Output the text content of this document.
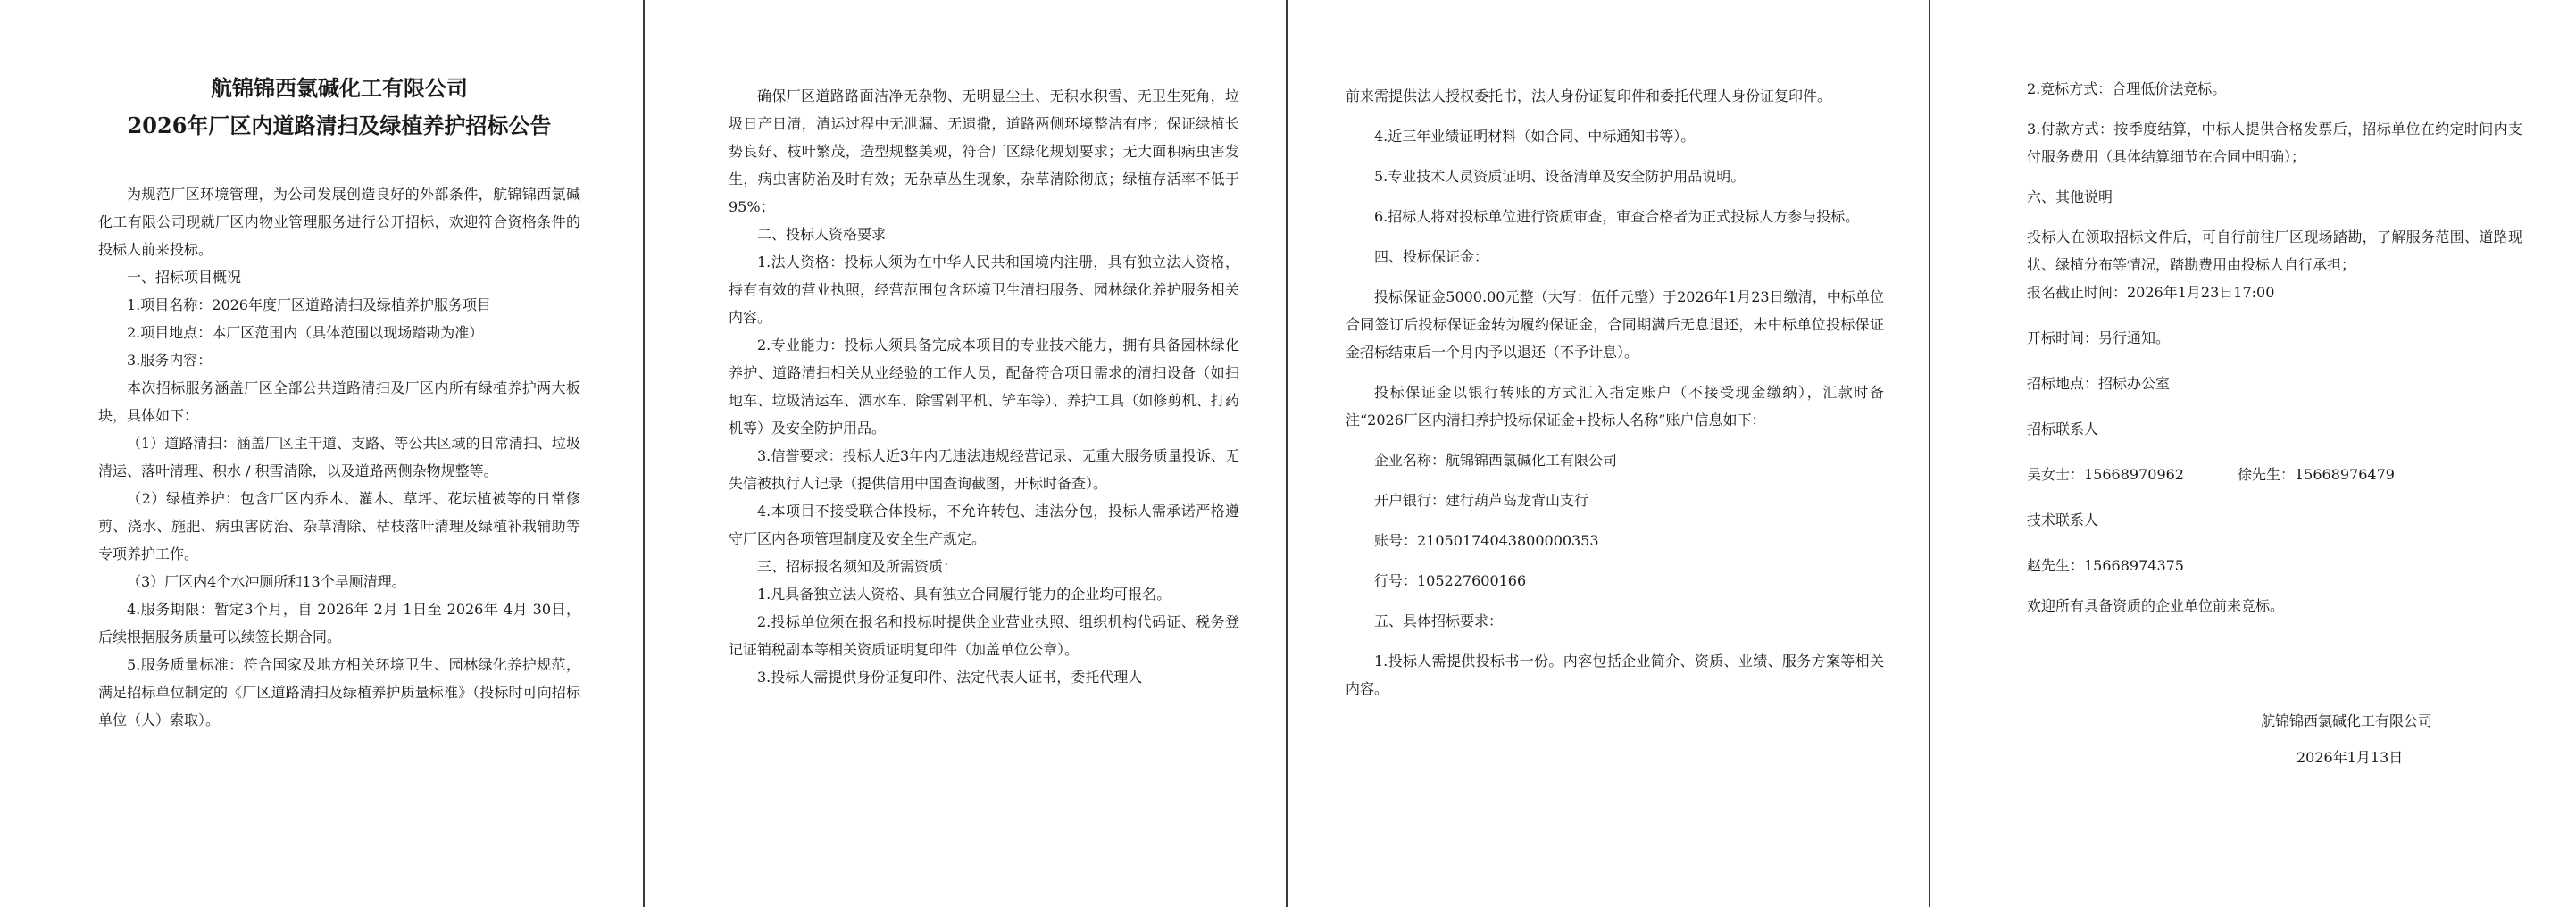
航锦锦西氯碱化工有限公司

2026年厂区内道路清扫及绿植养护招标公告

为规范厂区环境管理，为公司发展创造良好的外部条件，航锦锦西氯碱化工有限公司现就厂区内物业管理服务进行公开招标，欢迎符合资格条件的投标人前来投标。

一、招标项目概况

1.项目名称：2026年度厂区道路清扫及绿植养护服务项目

2.项目地点：本厂区范围内（具体范围以现场踏勘为准）

3.服务内容：

本次招标服务涵盖厂区全部公共道路清扫及厂区内所有绿植养护两大板块，具体如下：

（1）道路清扫：涵盖厂区主干道、支路、等公共区域的日常清扫、垃圾清运、落叶清理、积水 / 积雪清除，以及道路两侧杂物规整等。

（2）绿植养护：包含厂区内乔木、灌木、草坪、花坛植被等的日常修剪、浇水、施肥、病虫害防治、杂草清除、枯枝落叶清理及绿植补栽辅助等专项养护工作。

（3）厂区内4个水冲厕所和13个旱厕清理。

4.服务期限：暂定3个月，自 2026年 2月 1日至 2026年 4月 30日，后续根据服务质量可以续签长期合同。

5.服务质量标准：符合国家及地方相关环境卫生、园林绿化养护规范，满足招标单位制定的《厂区道路清扫及绿植养护质量标准》（投标时可向招标单位（人）索取）。

确保厂区道路路面洁净无杂物、无明显尘土、无积水积雪、无卫生死角，垃圾日产日清，清运过程中无泄漏、无遗撒，道路两侧环境整洁有序；保证绿植长势良好、枝叶繁茂，造型规整美观，符合厂区绿化规划要求；无大面积病虫害发生，病虫害防治及时有效；无杂草丛生现象，杂草清除彻底；绿植存活率不低于95%；

二、投标人资格要求

1.法人资格：投标人须为在中华人民共和国境内注册，具有独立法人资格，持有有效的营业执照，经营范围包含环境卫生清扫服务、园林绿化养护服务相关内容。

2.专业能力：投标人须具备完成本项目的专业技术能力，拥有具备园林绿化养护、道路清扫相关从业经验的工作人员，配备符合项目需求的清扫设备（如扫地车、垃圾清运车、洒水车、除雪剁平机、铲车等）、养护工具（如修剪机、打药机等）及安全防护用品。

3.信誉要求：投标人近3年内无违法违规经营记录、无重大服务质量投诉、无失信被执行人记录（提供信用中国查询截图，开标时备查）。

4.本项目不接受联合体投标，不允许转包、违法分包，投标人需承诺严格遵守厂区内各项管理制度及安全生产规定。

三、招标报名须知及所需资质：

1.凡具备独立法人资格、具有独立合同履行能力的企业均可报名。

2.投标单位须在报名和投标时提供企业营业执照、组织机构代码证、税务登记证销税副本等相关资质证明复印件（加盖单位公章）。

3.投标人需提供身份证复印件、法定代表人证书，委托代理人

前来需提供法人授权委托书，法人身份证复印件和委托代理人身份证复印件。

4.近三年业绩证明材料（如合同、中标通知书等）。

5.专业技术人员资质证明、设备清单及安全防护用品说明。

6.招标人将对投标单位进行资质审查，审查合格者为正式投标人方参与投标。

四、投标保证金：

投标保证金5000.00元整（大写：伍仟元整）于2026年1月23日缴清，中标单位合同签订后投标保证金转为履约保证金，合同期满后无息退还，未中标单位投标保证金招标结束后一个月内予以退还（不予计息）。

投标保证金以银行转账的方式汇入指定账户（不接受现金缴纳），汇款时备注“2026厂区内清扫养护投标保证金+投标人名称”账户信息如下：

企业名称：航锦锦西氯碱化工有限公司

开户银行：建行葫芦岛龙背山支行

账号：21050174043800000353

行号：105227600166

五、具体招标要求：

1.投标人需提供投标书一份。内容包括企业简介、资质、业绩、服务方案等相关内容。

2.竞标方式：合理低价法竞标。

3.付款方式：按季度结算，中标人提供合格发票后，招标单位在约定时间内支付服务费用（具体结算细节在合同中明确）；

六、其他说明

投标人在领取招标文件后，可自行前往厂区现场踏勘，了解服务范围、道路现状、绿植分布等情况，踏勘费用由投标人自行承担；

报名截止时间：2026年1月23日17:00

开标时间：另行通知。

招标地点：招标办公室

招标联系人

吴女士：15668970962	徐先生：15668976479

技术联系人

赵先生：15668974375

欢迎所有具备资质的企业单位前来竞标。

航锦锦西氯碱化工有限公司

2026年1月13日
